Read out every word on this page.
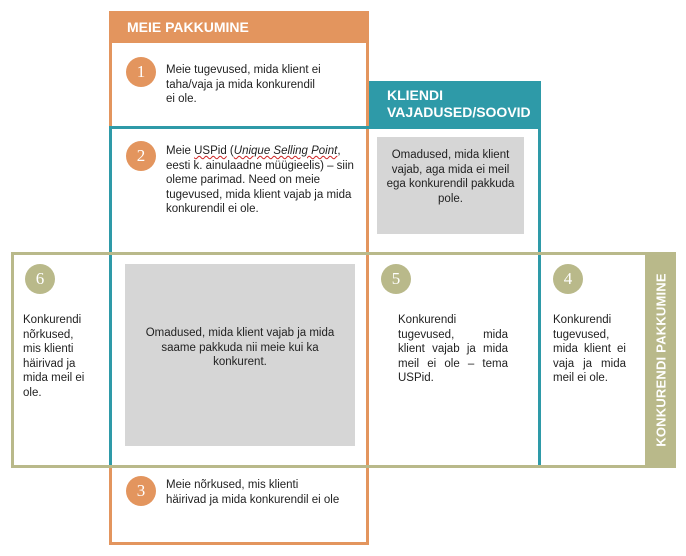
MEIE PAKKUMINE
KLIENDI VAJADUSED/SOOVID
KONKURENDI PAKKUMINE
1	Meie tugevused, mida klient ei taha/vaja ja mida konkurendil ei ole.
2	Meie USPid (Unique Selling Point, eesti k. ainulaadne müügieelis) – siin oleme parimad. Need on meie tugevused, mida klient vajab ja mida konkurendil ei ole.
Omadused, mida klient vajab, aga mida ei meil ega konkurendil pakkuda pole.
6
Konkurendi nõrkused, mis klienti häirivad ja mida meil ei ole.
Omadused, mida klient vajab ja mida saame pakkuda nii meie kui ka konkurent.
5
Konkurendi tugevused, mida klient vajab ja mida meil ei ole – tema USPid.
4
Konkurendi tugevused, mida klient ei vaja ja mida meil ei ole.
3	Meie nõrkused, mis klienti häirivad ja mida konkurendil ei ole
